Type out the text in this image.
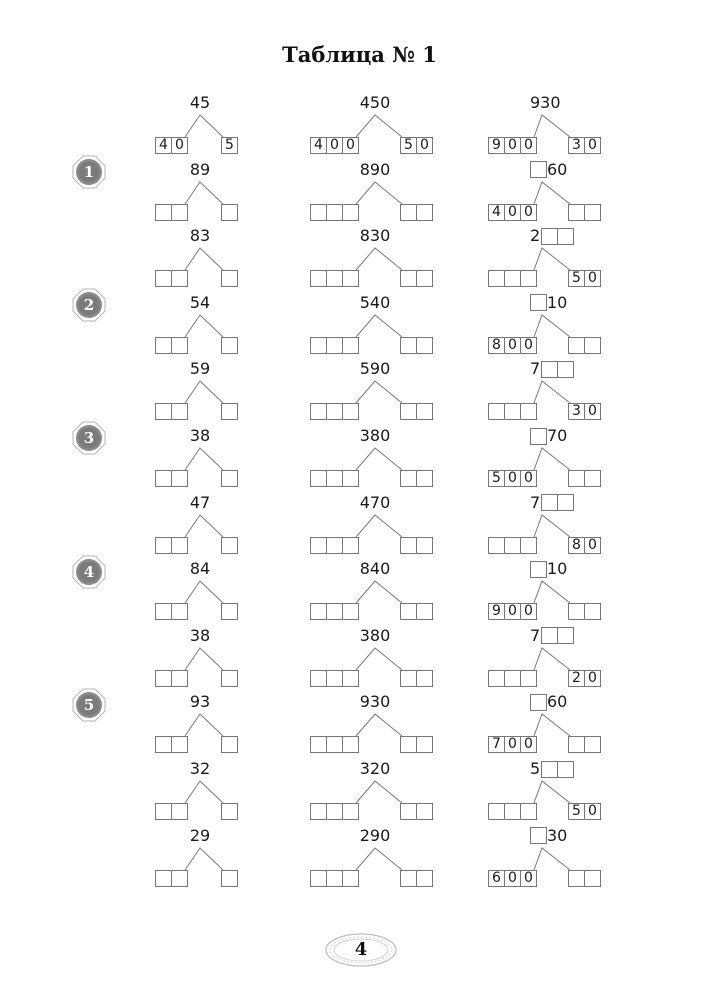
Таблица № 1
45
4 0	5
450
4 0 0	5 0
930
9 0 0	3 0
89	890	60
4 0 0
83	830	2
5 0
54	540	10
8 0 0
59	590	7
3 0
38	380	70
5 0 0
47	470	7
8 0
84	840	10
9 0 0
38	380	7
2 0
93	930	60
7 0 0
32	320	5
5 0
29	290	30
6 0 0
1
2
3
4
5
4
